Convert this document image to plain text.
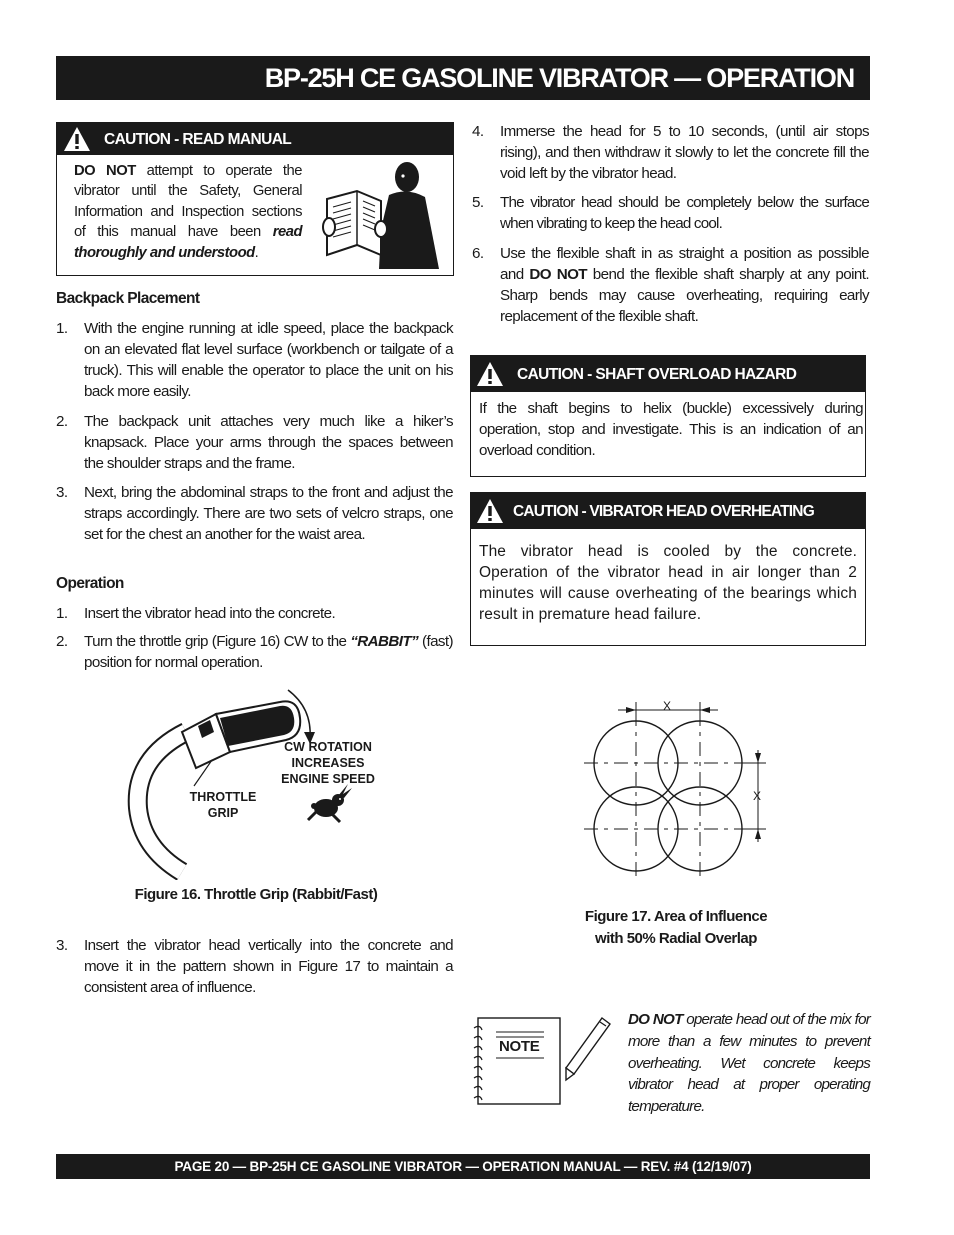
BP-25H CE GASOLINE VIBRATOR — OPERATION
CAUTION - READ MANUAL
DO NOT attempt to operate the
vibrator until the Safety, General
Information and Inspection sections
of this manual have been read
thoroughly and understood.
Backpack Placement
1. With the engine running at idle speed, place the backpack on an elevated flat level surface (workbench or tailgate of a truck). This will enable the operator to place the unit on his back more easily.
2. The backpack unit attaches very much like a hiker’s knapsack. Place your arms through the spaces between the shoulder straps and the frame.
3. Next, bring the abdominal straps to the front and adjust the straps accordingly. There are two sets of velcro straps, one set for the chest an another for the waist area.
Operation
1. Insert the vibrator head into the concrete.
2. Turn the throttle grip (Figure 16) CW to the “RABBIT” (fast) position for normal operation.
THROTTLE
GRIP
CW ROTATION
INCREASES
ENGINE SPEED
Figure 16. Throttle Grip (Rabbit/Fast)
3. Insert the vibrator head vertically into the concrete and move it in the pattern shown in Figure 17 to maintain a consistent area of influence.
4. Immerse the head for 5 to 10 seconds, (until air stops rising), and then withdraw it slowly to let the concrete fill the void left by the vibrator head.
5. The vibrator head should be completely below the surface when vibrating to keep the head cool.
6. Use the flexible shaft in as straight a position as possible and DO NOT bend the flexible shaft sharply at any point. Sharp bends may cause overheating, requiring early replacement of the flexible shaft.
CAUTION - SHAFT OVERLOAD HAZARD
If the shaft begins to helix (buckle) excessively during operation, stop and investigate. This is an indication of an overload condition.
CAUTION - VIBRATOR HEAD OVERHEATING
The vibrator head is cooled by the concrete. Operation of the vibrator head in air longer than 2 minutes will cause overheating of the bearings which result in premature head failure.
X
X
Figure 17. Area of Influence
with 50% Radial Overlap
NOTE
DO NOT operate head out of the mix for more than a few minutes to prevent overheating. Wet concrete keeps vibrator head at proper operating temperature.
PAGE 20 — BP-25H CE GASOLINE VIBRATOR — OPERATION MANUAL — REV. #4 (12/19/07)
